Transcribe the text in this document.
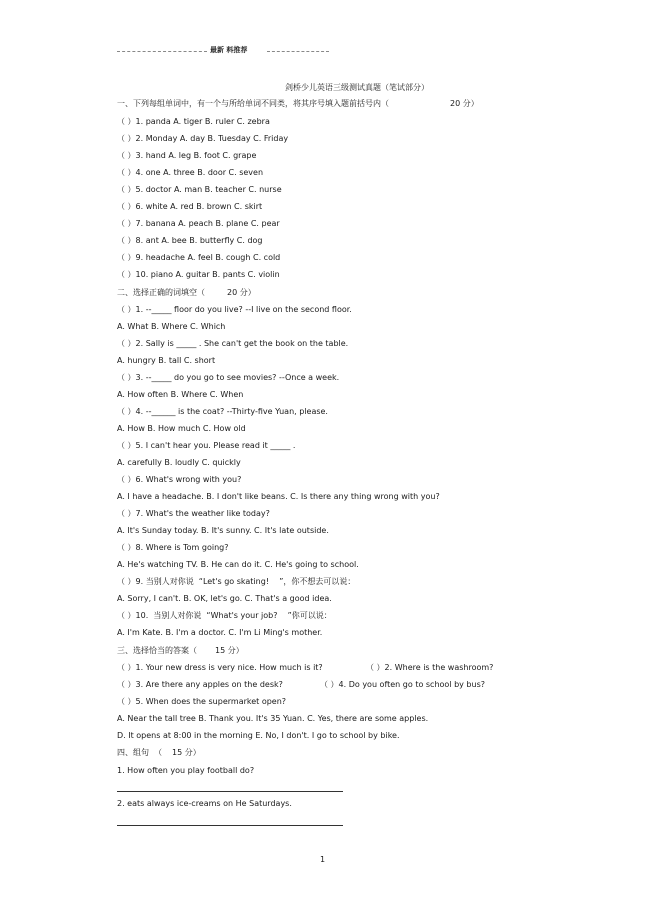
最新 料推荐
剑桥少儿英语三级测试真题（笔试部分）
一、下列每组单词中，有一个与所给单词不同类，将其序号填入题前括号内（	20 分）
（ ）1. panda A. tiger B. ruler C. zebra
（ ）2. Monday A. day B. Tuesday C. Friday
（ ）3. hand A. leg B. foot C. grape
（ ）4. one A. three B. door C. seven
（ ）5. doctor A. man B. teacher C. nurse
（ ）6. white A. red B. brown C. skirt
（ ）7. banana A. peach B. plane C. pear
（ ）8. ant A. bee B. butterfly C. dog
（ ）9. headache A. feel B. cough C. cold
（ ）10. piano A. guitar B. pants C. violin
二、选择正确的词填空（	20 分）
（ ）1. --_____ floor do you live? --I live on the second floor.
A. What B. Where C. Which
（ ）2. Sally is _____ . She can't get the book on the table.
A. hungry B. tall C. short
（ ）3. --_____ do you go to see movies? --Once a week.
A. How often B. Where C. When
（ ）4. --______ is the coat? --Thirty-five Yuan, please.
A. How B. How much C. How old
（ ）5. I can't hear you. Please read it _____ .
A. carefully B. loudly C. quickly
（ ）6. What's wrong with you?
A. I have a headache. B. I don't like beans. C. Is there any thing wrong with you?
（ ）7. What's the weather like today?
A. It's Sunday today. B. It's sunny. C. It's late outside.
（ ）8. Where is Tom going?
A. He's watching TV. B. He can do it. C. He's going to school.
（ ）9. 当别人对你说  “Let's go skating!    ”，你不想去可以说：
A. Sorry, I can't. B. OK, let's go. C. That's a good idea.
（ ）10.  当别人对你说  “What's your job?    ”你可以说：
A. I'm Kate. B. I'm a doctor. C. I'm Li Ming's mother.
三、选择恰当的答案（ 15 分）
（ ）1. Your new dress is very nice. How much is it?	（ ）2. Where is the washroom?
（ ）3. Are there any apples on the desk?	（ ）4. Do you often go to school by bus?
（ ）5. When does the supermarket open?
A. Near the tall tree B. Thank you. It's 35 Yuan. C. Yes, there are some apples.
D. It opens at 8:00 in the morning E. No, I don't. I go to school by bike.
四、组句  （ 15 分）
1. How often you play football do?
2. eats always ice-creams on He Saturdays.
1
